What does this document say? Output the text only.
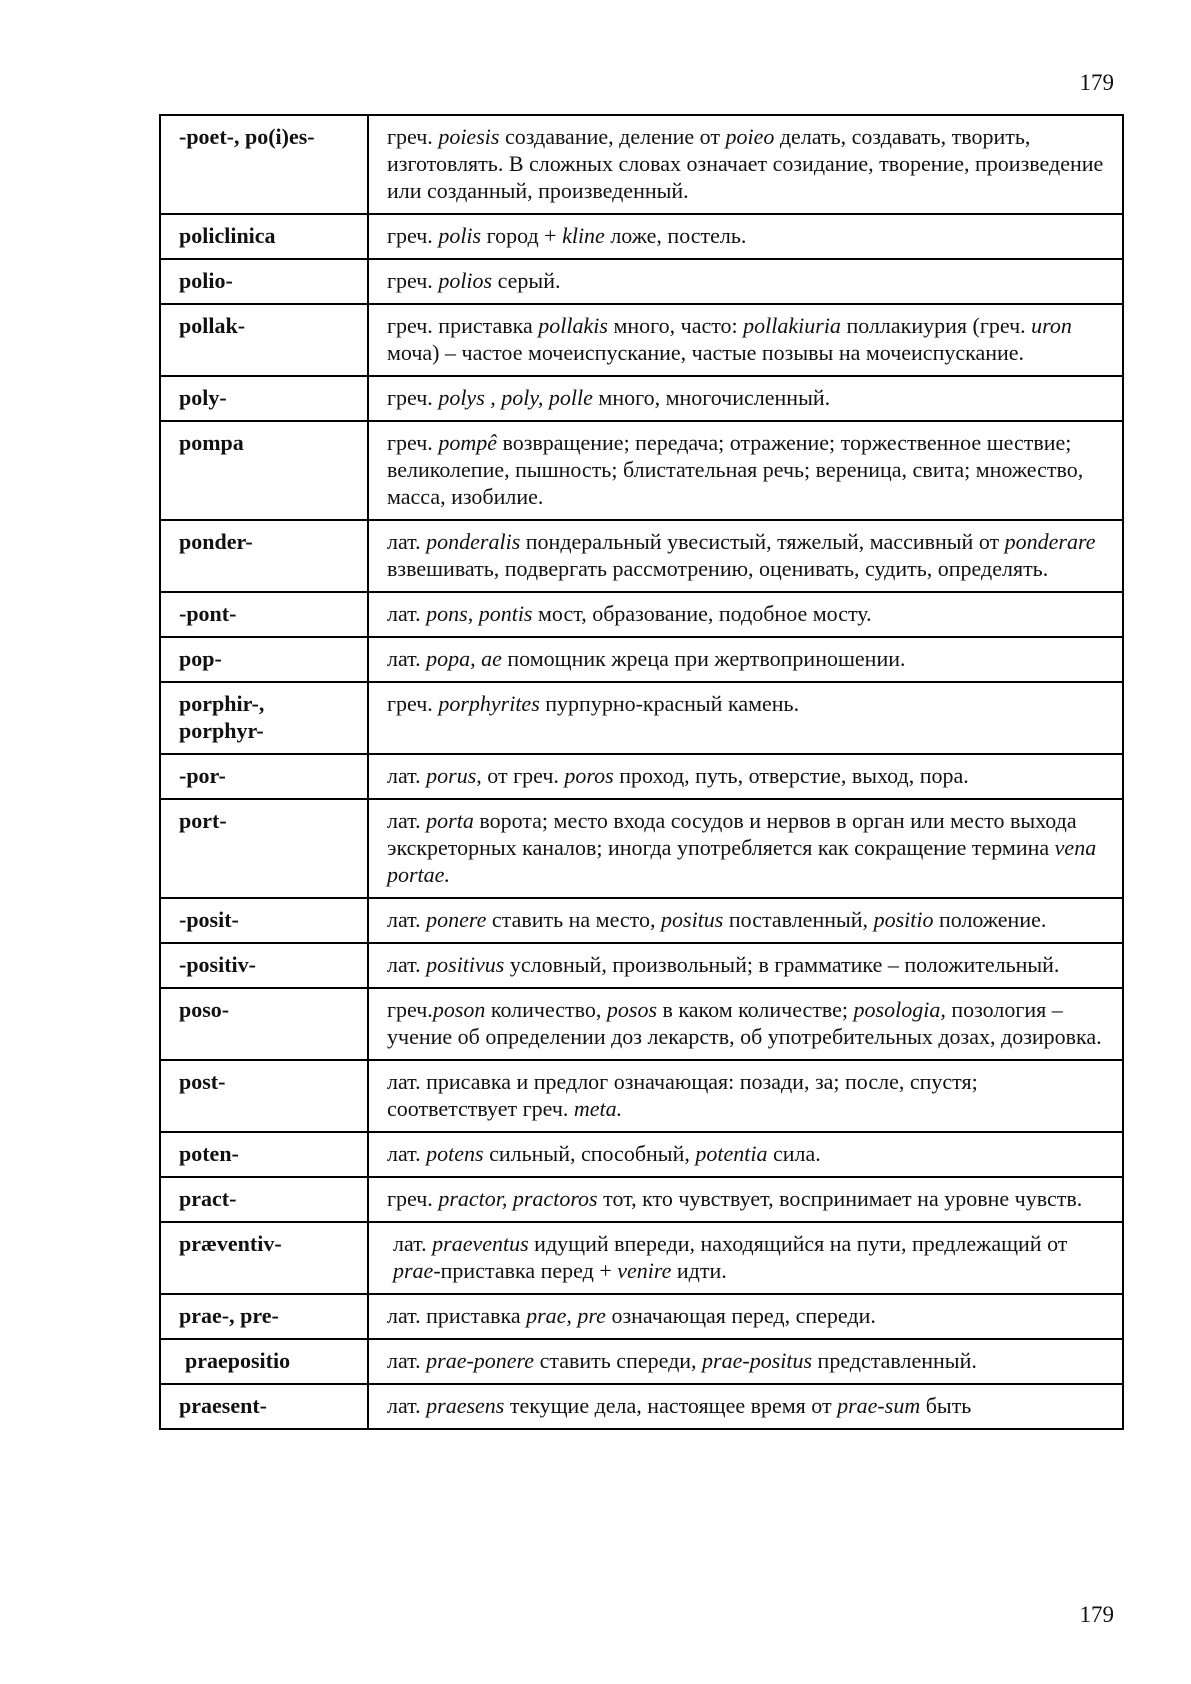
179
-poet-, po(i)es-	греч. poiesis создавание, деление от poieo делать, создавать, творить, изготовлять. В сложных словах означает созидание, творение, произведение или созданный, произведенный.
policlinica	греч. polis город + kline ложе, постель.
polio-	греч. polios серый.
pollak-	греч. приставка pollakis много, часто: pollakiuria поллакиурия (греч. uron моча) – частое мочеиспускание, частые позывы на мочеиспускание.
poly-	греч. polys , poly, polle много, многочисленный.
pompa	греч. pompê возвращение; передача; отражение; торжественное шествие; великолепие, пышность; блистательная речь; вереница, свита; множество, масса, изобилие.
ponder-	лат. ponderalis пондеральный увесистый, тяжелый, массивный от ponderare взвешивать, подвергать рассмотрению, оценивать, судить, определять.
-pont-	лат. pons, pontis мост, образование, подобное мосту.
pop-	лат. popa, ae помощник жреца при жертвоприношении.
porphir-, porphyr-	греч. porphyrites пурпурно-красный камень.
-por-	лат. porus, от греч. poros проход, путь, отверстие, выход, пора.
port-	лат. porta ворота; место входа сосудов и нервов в орган или место выхода экскреторных каналов; иногда употребляется как сокращение термина vena portae.
-posit-	лат. ponere ставить на место, positus поставленный, positio положение.
-positiv-	лат. positivus условный, произвольный; в грамматике – положительный.
poso-	греч.poson количество, posos в каком количестве; posologia, позология – учение об определении доз лекарств, об употребительных дозах, дозировка.
post-	лат. присавка и предлог означающая: позади, за; после, спустя; соответствует греч. meta.
poten-	лат. potens сильный, способный, potentia сила.
pract-	греч. practor, practoros тот, кто чувствует, воспринимает на уровне чувств.
præventiv-	лат. praeventus идущий впереди, находящийся на пути, предлежащий от prae-приставка перед + venire идти.
prae-, pre-	лат. приставка prae, pre означающая перед, спереди.
praepositio	лат. prae-ponere ставить спереди, prae-positus представленный.
praesent-	лат. praesens текущие дела, настоящее время от prae-sum быть
179
